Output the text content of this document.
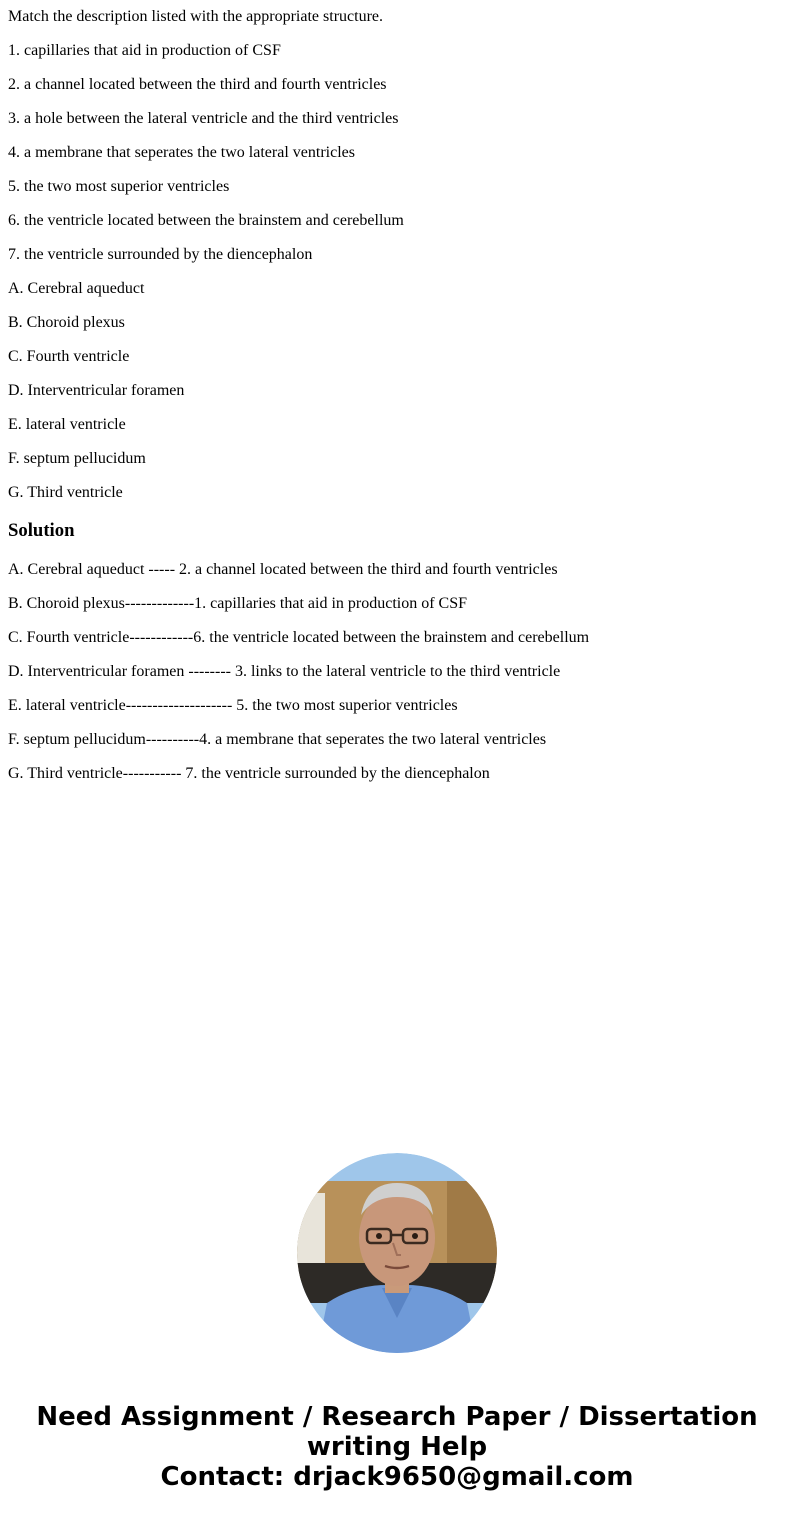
Match the description listed with the appropriate structure.

1. capillaries that aid in production of CSF

2. a channel located between the third and fourth ventricles

3. a hole between the lateral ventricle and the third ventricles

4. a membrane that seperates the two lateral ventricles

5. the two most superior ventricles

6. the ventricle located between the brainstem and cerebellum

7. the ventricle surrounded by the diencephalon

A. Cerebral aqueduct

B. Choroid plexus

C. Fourth ventricle

D. Interventricular foramen

E. lateral ventricle

F. septum pellucidum

G. Third ventricle

Solution

A. Cerebral aqueduct ----- 2. a channel located between the third and fourth ventricles

B. Choroid plexus-------------1. capillaries that aid in production of CSF

C. Fourth ventricle------------6. the ventricle located between the brainstem and cerebellum

D. Interventricular foramen -------- 3. links to the lateral ventricle to the third ventricle

E. lateral ventricle-------------------- 5. the two most superior ventricles

F. septum pellucidum----------4. a membrane that seperates the two lateral ventricles

G. Third ventricle----------- 7. the ventricle surrounded by the diencephalon

Need Assignment / Research Paper / Dissertation
writing Help
Contact: drjack9650@gmail.com
